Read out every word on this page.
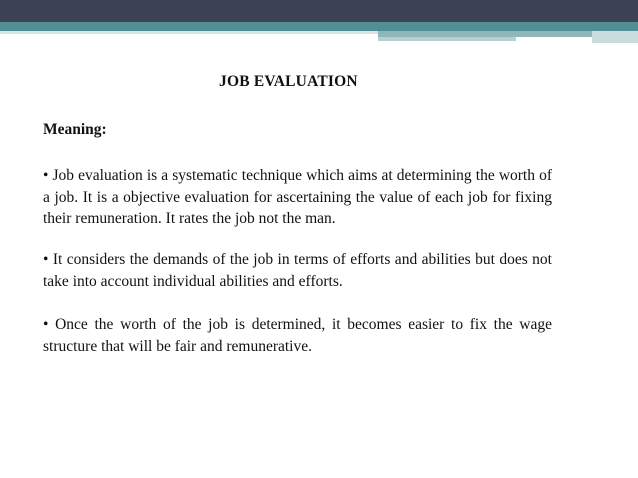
JOB EVALUATION
Meaning:
• Job evaluation is a systematic technique which aims at determining the worth of a job. It is a objective evaluation for ascertaining the value of each job for fixing their remuneration. It rates the job not the man.
• It considers the demands of the job in terms of efforts and abilities but does not take into account individual abilities and efforts.
• Once the worth of the job is determined, it becomes easier to fix the wage structure that will be fair and remunerative.
